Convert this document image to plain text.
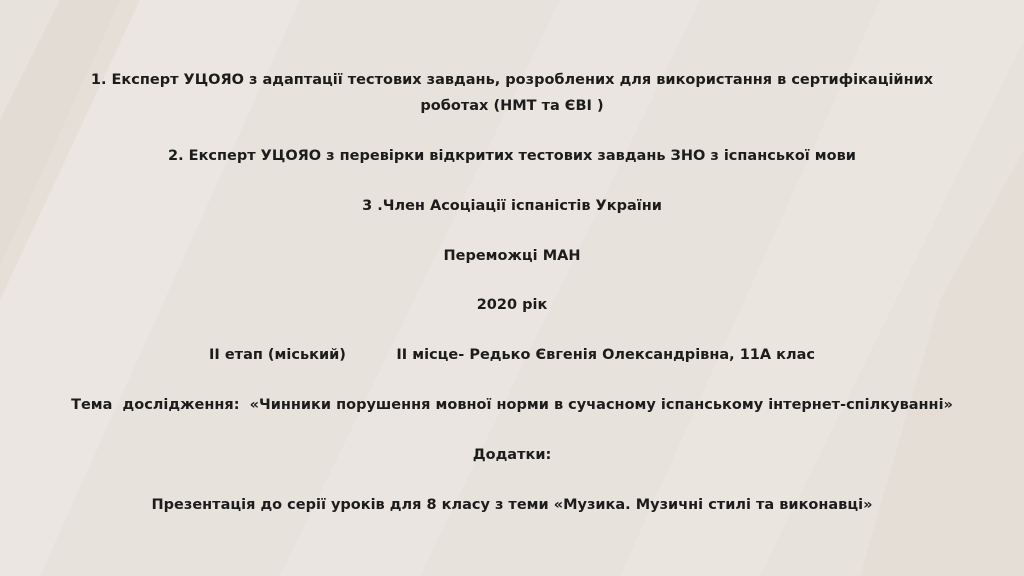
1. Експерт УЦОЯО з адаптації тестових завдань, розроблених для використання в сертифікаційних
роботах (НМТ та ЄВІ )
2. Експерт УЦОЯО з перевірки відкритих тестових завдань ЗНО з іспанської мови
3 .Член Асоціації іспаністів України
Переможці МАН
2020 рік
ІІ етап (міський)          ІІ місце- Редько Євгенія Олександрівна, 11А клас
Тема  дослідження:  «Чинники порушення мовної норми в сучасному іспанському інтернет-спілкуванні»
Додатки:
Презентація до серії уроків для 8 класу з теми «Музика. Музичні стилі та виконавці»
